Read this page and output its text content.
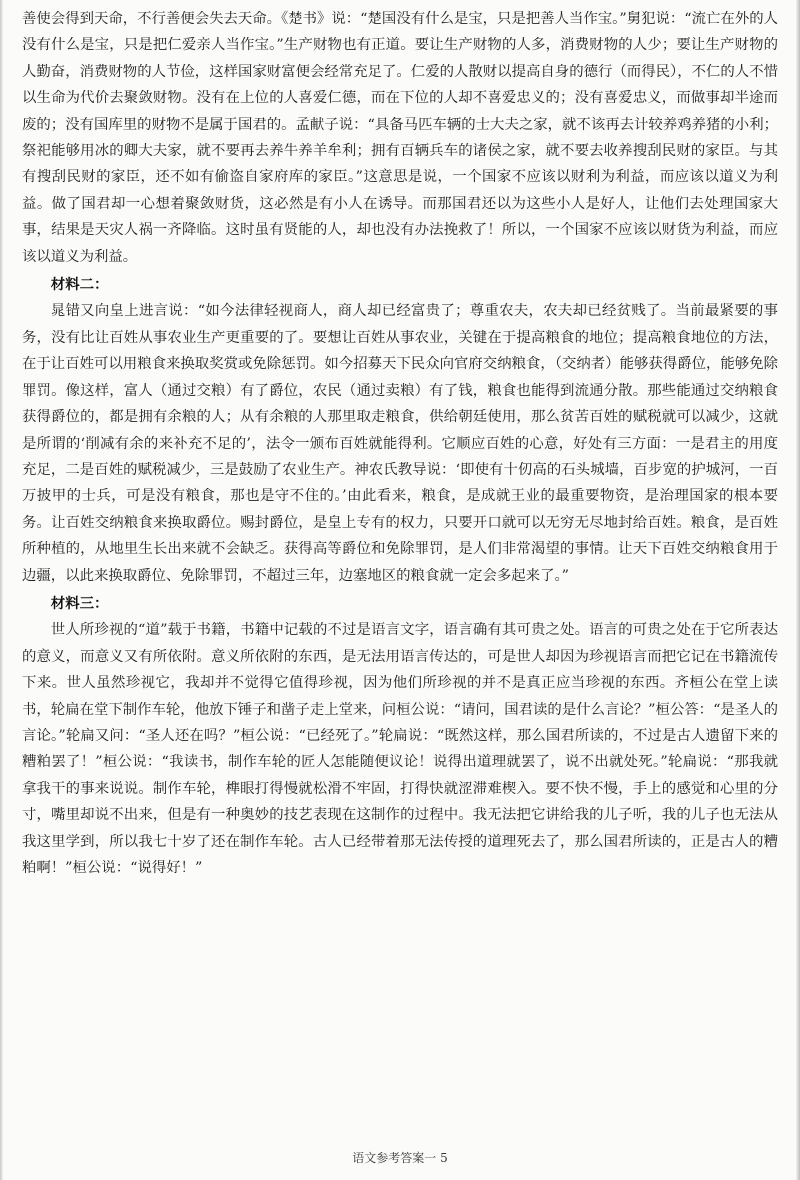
善使会得到天命，不行善便会失去天命。《楚书》说：“楚国没有什么是宝，只是把善人当作宝。”舅犯说：“流亡在外的人没有什么是宝，只是把仁爱亲人当作宝。”生产财物也有正道。要让生产财物的人多，消费财物的人少；要让生产财物的人勤奋，消费财物的人节俭，这样国家财富便会经常充足了。仁爱的人散财以提高自身的德行（而得民），不仁的人不惜以生命为代价去聚敛财物。没有在上位的人喜爱仁德，而在下位的人却不喜爱忠义的；没有喜爱忠义，而做事却半途而废的；没有国库里的财物不是属于国君的。孟献子说：“具备马匹车辆的士大夫之家，就不该再去计较养鸡养猪的小利；祭祀能够用冰的卿大夫家，就不要再去养牛养羊牟利；拥有百辆兵车的诸侯之家，就不要去收养搜刮民财的家臣。与其有搜刮民财的家臣，还不如有偷盗自家府库的家臣。”这意思是说，一个国家不应该以财利为利益，而应该以道义为利益。做了国君却一心想着聚敛财货，这必然是有小人在诱导。而那国君还以为这些小人是好人，让他们去处理国家大事，结果是天灾人祸一齐降临。这时虽有贤能的人，却也没有办法挽救了！所以，一个国家不应该以财货为利益，而应该以道义为利益。

材料二：

晁错又向皇上进言说：“如今法律轻视商人，商人却已经富贵了；尊重农夫，农夫却已经贫贱了。当前最紧要的事务，没有比让百姓从事农业生产更重要的了。要想让百姓从事农业，关键在于提高粮食的地位；提高粮食地位的方法，在于让百姓可以用粮食来换取奖赏或免除惩罚。如今招募天下民众向官府交纳粮食，（交纳者）能够获得爵位，能够免除罪罚。像这样，富人（通过交粮）有了爵位，农民（通过卖粮）有了钱，粮食也能得到流通分散。那些能通过交纳粮食获得爵位的，都是拥有余粮的人；从有余粮的人那里取走粮食，供给朝廷使用，那么贫苦百姓的赋税就可以减少，这就是所谓的‘削减有余的来补充不足的’，法令一颁布百姓就能得利。它顺应百姓的心意，好处有三方面：一是君主的用度充足，二是百姓的赋税减少，三是鼓励了农业生产。神农氏教导说：‘即使有十仞高的石头城墙，百步宽的护城河，一百万披甲的士兵，可是没有粮食，那也是守不住的。’由此看来，粮食，是成就王业的最重要物资，是治理国家的根本要务。让百姓交纳粮食来换取爵位。赐封爵位，是皇上专有的权力，只要开口就可以无穷无尽地封给百姓。粮食，是百姓所种植的，从地里生长出来就不会缺乏。获得高等爵位和免除罪罚，是人们非常渴望的事情。让天下百姓交纳粮食用于边疆，以此来换取爵位、免除罪罚，不超过三年，边塞地区的粮食就一定会多起来了。”

材料三：

世人所珍视的“道”载于书籍，书籍中记载的不过是语言文字，语言确有其可贵之处。语言的可贵之处在于它所表达的意义，而意义又有所依附。意义所依附的东西，是无法用语言传达的，可是世人却因为珍视语言而把它记在书籍流传下来。世人虽然珍视它，我却并不觉得它值得珍视，因为他们所珍视的并不是真正应当珍视的东西。齐桓公在堂上读书，轮扁在堂下制作车轮，他放下锤子和凿子走上堂来，问桓公说：“请问，国君读的是什么言论？”桓公答：“是圣人的言论。”轮扁又问：“圣人还在吗？”桓公说：“已经死了。”轮扁说：“既然这样，那么国君所读的，不过是古人遗留下来的糟粕罢了！”桓公说：“我读书，制作车轮的匠人怎能随便议论！说得出道理就罢了，说不出就处死。”轮扁说：“那我就拿我干的事来说说。制作车轮，榫眼打得慢就松滑不牢固，打得快就涩滞难楔入。要不快不慢，手上的感觉和心里的分寸，嘴里却说不出来，但是有一种奥妙的技艺表现在这制作的过程中。我无法把它讲给我的儿子听，我的儿子也无法从我这里学到，所以我七十岁了还在制作车轮。古人已经带着那无法传授的道理死去了，那么国君所读的，正是古人的糟粕啊！”桓公说：“说得好！”

语文参考答案一 5
